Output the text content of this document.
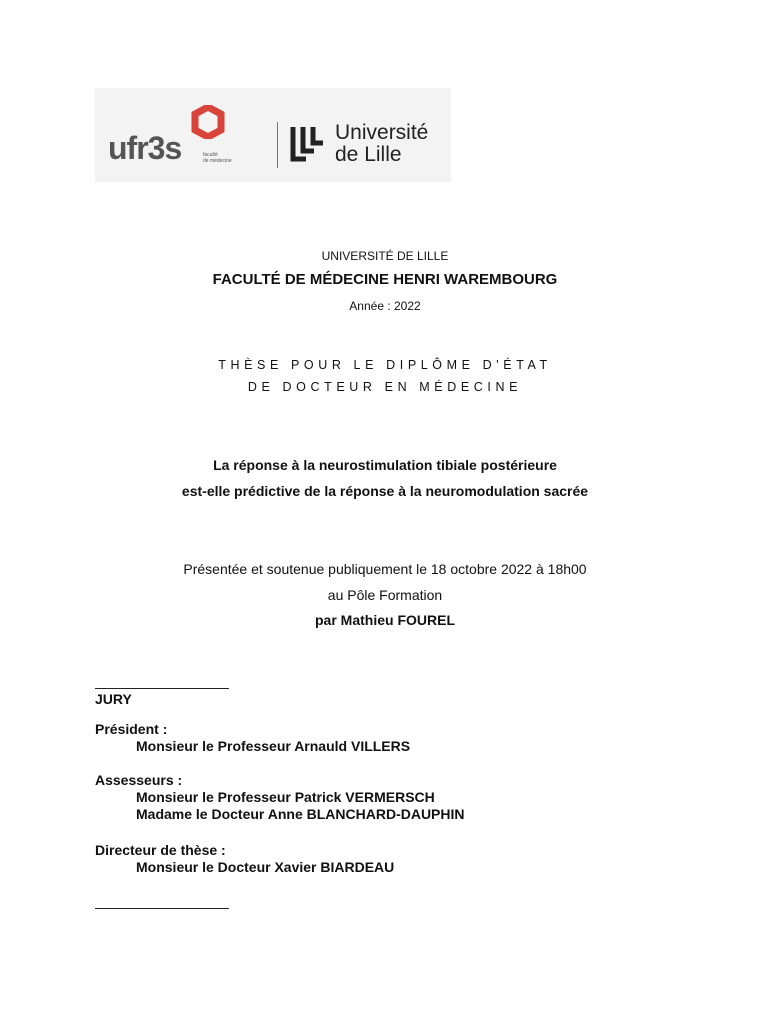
ufr3s	faculté
de médecine
Université
de Lille
UNIVERSITÉ DE LILLE
FACULTÉ DE MÉDECINE HENRI WAREMBOURG
Année : 2022
THÈSE POUR LE DIPLÔME D'ÉTAT
DE DOCTEUR EN MÉDECINE
La réponse à la neurostimulation tibiale postérieure
est-elle prédictive de la réponse à la neuromodulation sacrée
Présentée et soutenue publiquement le 18 octobre 2022 à 18h00
au Pôle Formation
par Mathieu FOUREL
JURY
Président :
Monsieur le Professeur Arnauld VILLERS
Assesseurs :
Monsieur le Professeur Patrick VERMERSCH
Madame le Docteur Anne BLANCHARD-DAUPHIN
Directeur de thèse :
Monsieur le Docteur Xavier BIARDEAU
